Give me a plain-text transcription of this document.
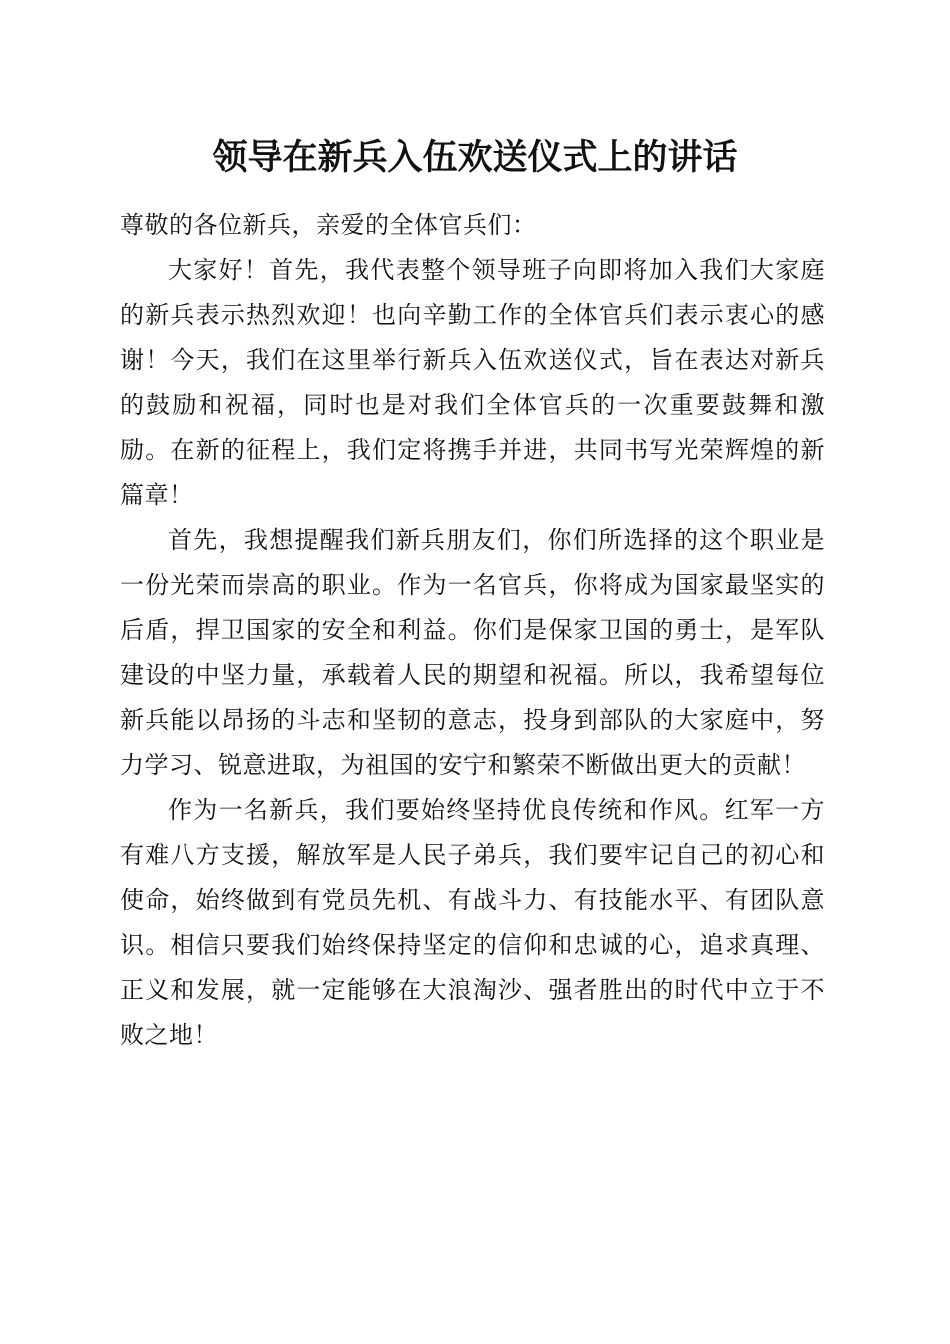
领导在新兵入伍欢送仪式上的讲话

尊敬的各位新兵，亲爱的全体官兵们：

大家好！首先，我代表整个领导班子向即将加入我们大家庭的新兵表示热烈欢迎！也向辛勤工作的全体官兵们表示衷心的感谢！今天，我们在这里举行新兵入伍欢送仪式，旨在表达对新兵的鼓励和祝福，同时也是对我们全体官兵的一次重要鼓舞和激励。在新的征程上，我们定将携手并进，共同书写光荣辉煌的新篇章！

首先，我想提醒我们新兵朋友们，你们所选择的这个职业是一份光荣而崇高的职业。作为一名官兵，你将成为国家最坚实的后盾，捍卫国家的安全和利益。你们是保家卫国的勇士，是军队建设的中坚力量，承载着人民的期望和祝福。所以，我希望每位新兵能以昂扬的斗志和坚韧的意志，投身到部队的大家庭中，努力学习、锐意进取，为祖国的安宁和繁荣不断做出更大的贡献！

作为一名新兵，我们要始终坚持优良传统和作风。红军一方有难八方支援，解放军是人民子弟兵，我们要牢记自己的初心和使命，始终做到有党员先机、有战斗力、有技能水平、有团队意识。相信只要我们始终保持坚定的信仰和忠诚的心，追求真理、正义和发展，就一定能够在大浪淘沙、强者胜出的时代中立于不败之地！
